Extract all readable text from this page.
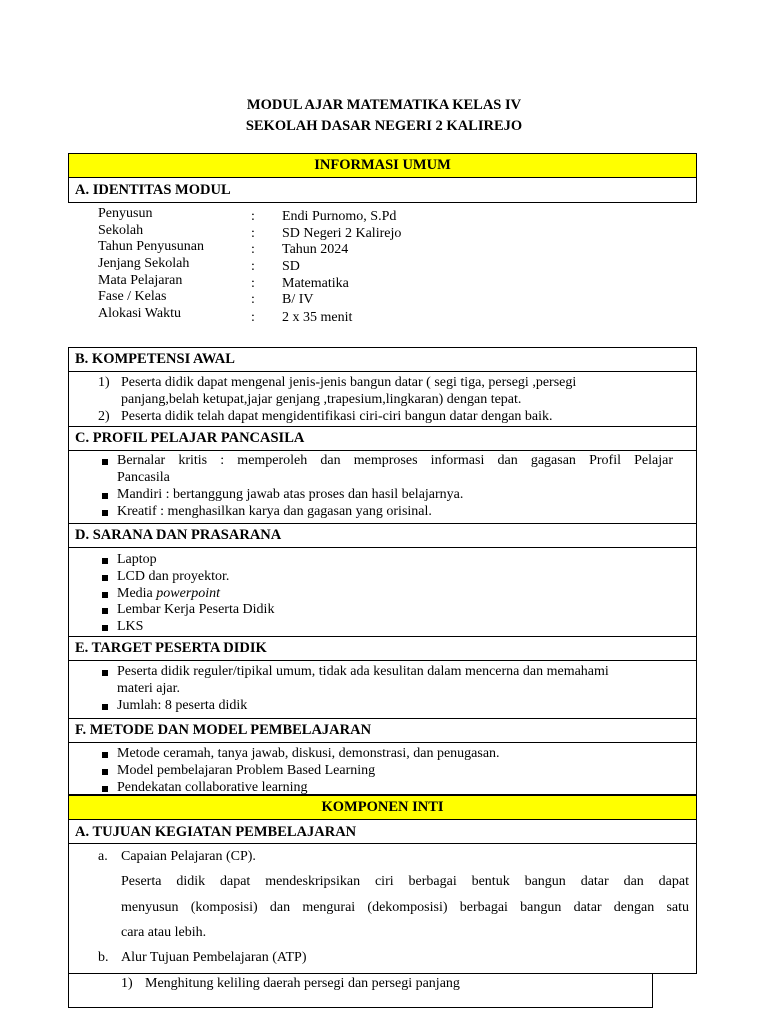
MODUL AJAR MATEMATIKA KELAS IV
SEKOLAH DASAR NEGERI 2 KALIREJO
INFORMASI UMUM
A. IDENTITAS MODUL
Penyusun	: Endi Purnomo, S.Pd
Sekolah	: SD Negeri 2 Kalirejo
Tahun Penyusunan	: Tahun 2024
Jenjang Sekolah	: SD
Mata Pelajaran	: Matematika
Fase / Kelas	: B/ IV
Alokasi Waktu	: 2 x 35 menit
B. KOMPETENSI AWAL
1) Peserta didik dapat mengenal jenis-jenis bangun datar ( segi tiga, persegi ,persegi
panjang,belah ketupat,jajar genjang ,trapesium,lingkaran) dengan tepat.
2) Peserta didik telah dapat mengidentifikasi ciri-ciri bangun datar dengan baik.
C. PROFIL PELAJAR PANCASILA
Bernalar kritis : memperoleh dan memproses informasi dan gagasan Profil Pelajar
Pancasila
Mandiri : bertanggung jawab atas proses dan hasil belajarnya.
Kreatif : menghasilkan karya dan gagasan yang orisinal.
D. SARANA DAN PRASARANA
Laptop
LCD dan proyektor.
Media powerpoint
Lembar Kerja Peserta Didik
LKS
E. TARGET PESERTA DIDIK
Peserta didik reguler/tipikal umum, tidak ada kesulitan dalam mencerna dan memahami
materi ajar.
Jumlah: 8 peserta didik
F. METODE DAN MODEL PEMBELAJARAN
Metode ceramah, tanya jawab, diskusi, demonstrasi, dan penugasan.
Model pembelajaran Problem Based Learning
Pendekatan collaborative learning
KOMPONEN INTI
A. TUJUAN KEGIATAN PEMBELAJARAN
a. Capaian Pelajaran (CP).
Peserta didik dapat mendeskripsikan ciri berbagai bentuk bangun datar dan dapat
menyusun (komposisi) dan mengurai (dekomposisi) berbagai bangun datar dengan satu
cara atau lebih.
b. Alur Tujuan Pembelajaran (ATP)
1) Menghitung keliling daerah persegi dan persegi panjang
